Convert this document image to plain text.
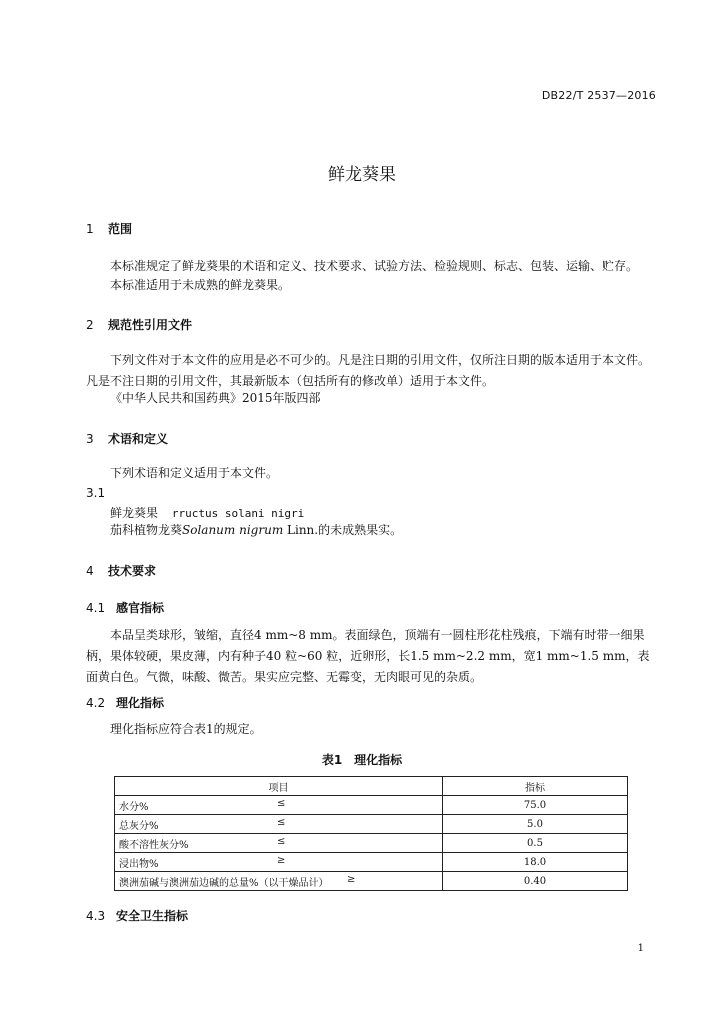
DB22/T 2537—2016
鲜龙葵果
1 范围
本标准规定了鲜龙葵果的术语和定义、技术要求、试验方法、检验规则、标志、包装、运输、贮存。
本标准适用于未成熟的鲜龙葵果。
2 规范性引用文件
下列文件对于本文件的应用是必不可少的。凡是注日期的引用文件，仅所注日期的版本适用于本文件。凡是不注日期的引用文件，其最新版本（包括所有的修改单）适用于本文件。
《中华人民共和国药典》2015年版四部
3 术语和定义
下列术语和定义适用于本文件。
3.1
鲜龙葵果 rructus solani nigri
茄科植物龙葵Solanum nigrum Linn.的未成熟果实。
4 技术要求
4.1 感官指标
本品呈类球形，皱缩，直径4 mm~8 mm。表面绿色，顶端有一圆柱形花柱残痕，下端有时带一细果柄，果体较硬，果皮薄，内有种子40 粒~60 粒，近卵形，长1.5 mm~2.2 mm，宽1 mm~1.5 mm，表面黄白色。气微，味酸、微苦。果实应完整、无霉变，无肉眼可见的杂质。
4.2 理化指标
理化指标应符合表1的规定。
表1　理化指标
项目	指标
水分% ≤	75.0
总灰分% ≤	5.0
酸不溶性灰分% ≤	0.5
浸出物% ≥	18.0
澳洲茄碱与澳洲茄边碱的总量%（以干燥品计） ≥	0.40
4.3 安全卫生指标
1
